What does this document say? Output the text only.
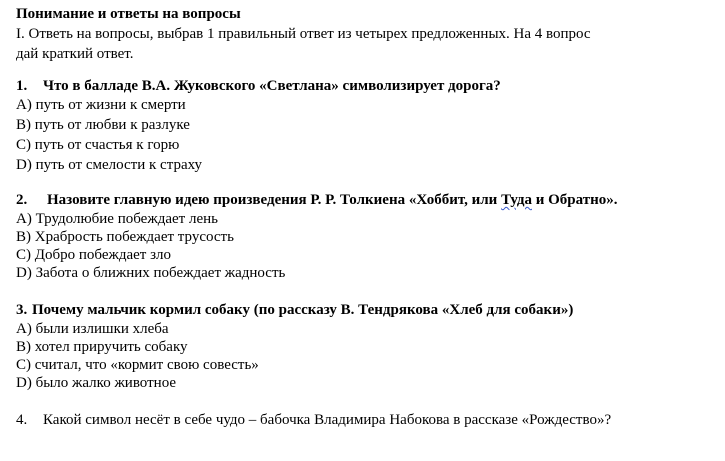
Понимание и ответы на вопросы
I. Ответь на вопросы, выбрав 1 правильный ответ из четырех предложенных. На 4 вопрос
дай краткий ответ.
1. Что в балладе В.А. Жуковского «Светлана» символизирует дорога?
A) путь от жизни к смерти
B) путь от любви к разлуке
C) путь от счастья к горю
D) путь от смелости к страху
2. Назовите главную идею произведения Р. Р. Толкиена «Хоббит, или Туда и Обратно».
A) Трудолюбие побеждает лень
B) Храбрость побеждает трусость
C) Добро побеждает зло
D) Забота о ближних побеждает жадность
3. Почему мальчик кормил собаку (по рассказу В. Тендрякова «Хлеб для собаки»)
A) были излишки хлеба
B) хотел приручить собаку
C) считал, что «кормит свою совесть»
D) было жалко животное
4. Какой символ несёт в себе чудо – бабочка Владимира Набокова в рассказе «Рождество»?
